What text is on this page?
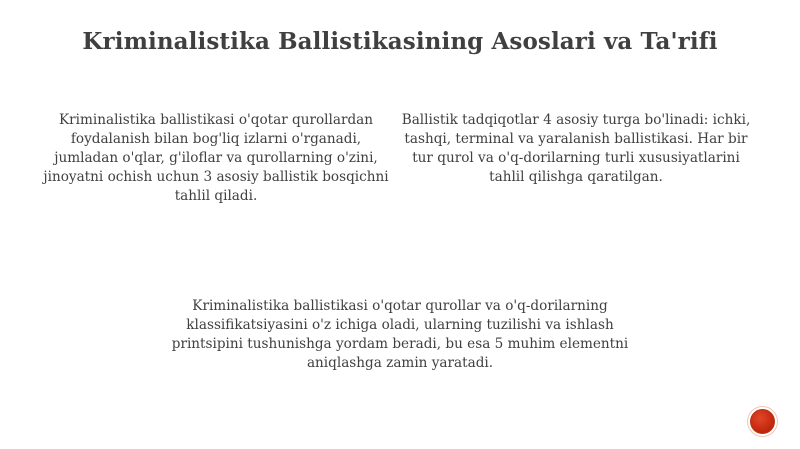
Kriminalistika Ballistikasining Asoslari va Ta'rifi
Kriminalistika ballistikasi o'qotar qurollardan foydalanish bilan bog'liq izlarni o'rganadi, jumladan o'qlar, g'iloflar va qurollarning o'zini, jinoyatni ochish uchun 3 asosiy ballistik bosqichni tahlil qiladi.
Ballistik tadqiqotlar 4 asosiy turga bo'linadi: ichki, tashqi, terminal va yaralanish ballistikasi. Har bir tur qurol va o'q-dorilarning turli xususiyatlarini tahlil qilishga qaratilgan.
Kriminalistika ballistikasi o'qotar qurollar va o'q-dorilarning klassifikatsiyasini o'z ichiga oladi, ularning tuzilishi va ishlash printsipini tushunishga yordam beradi, bu esa 5 muhim elementni aniqlashga zamin yaratadi.
